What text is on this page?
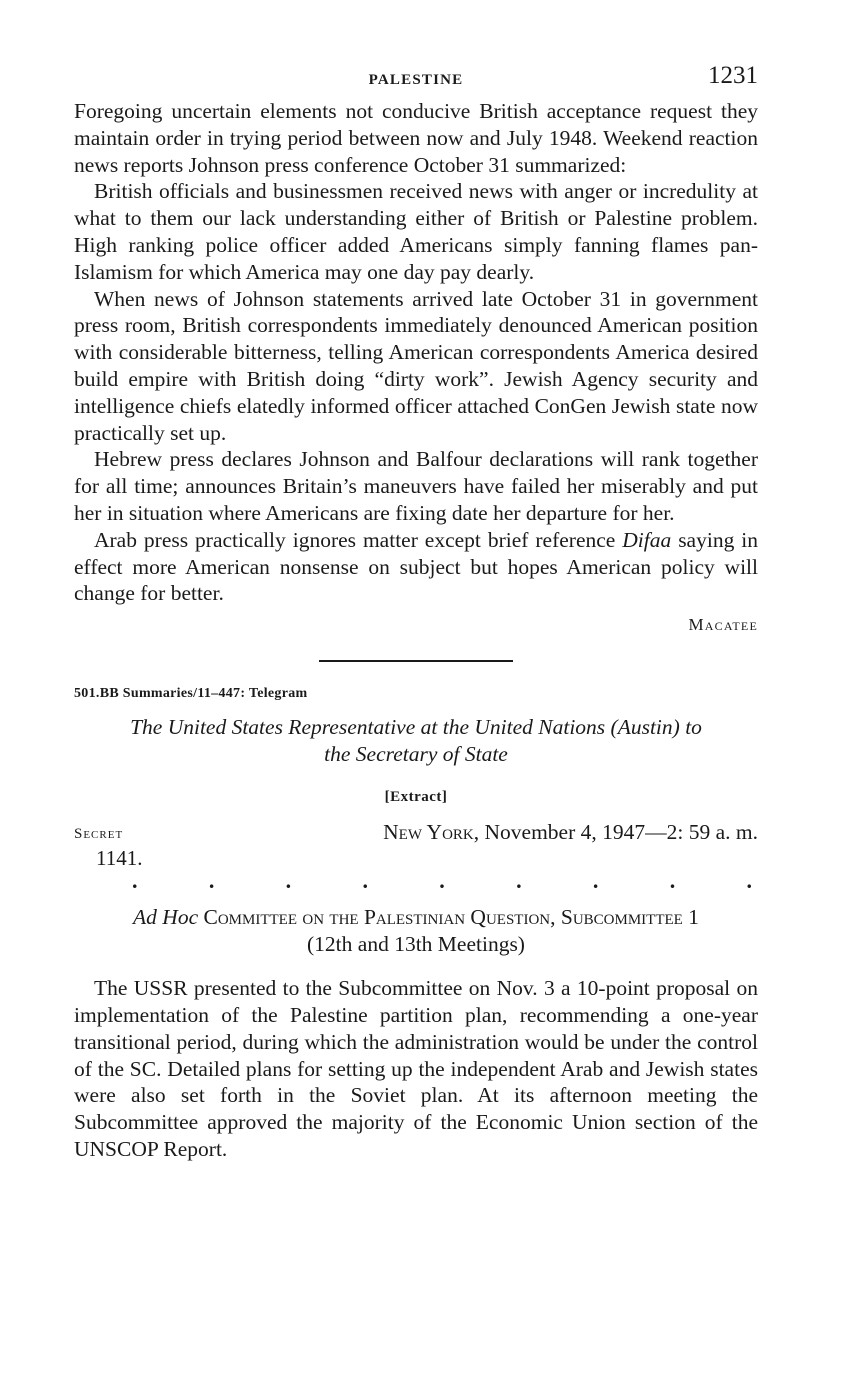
PALESTINE	1231

Foregoing uncertain elements not conducive British acceptance request they maintain order in trying period between now and July 1948. Weekend reaction news reports Johnson press conference October 31 summarized:

British officials and businessmen received news with anger or incredulity at what to them our lack understanding either of British or Palestine problem. High ranking police officer added Americans simply fanning flames pan-Islamism for which America may one day pay dearly.

When news of Johnson statements arrived late October 31 in government press room, British correspondents immediately denounced American position with considerable bitterness, telling American correspondents America desired build empire with British doing “dirty work”. Jewish Agency security and intelligence chiefs elatedly informed officer attached ConGen Jewish state now practically set up.

Hebrew press declares Johnson and Balfour declarations will rank together for all time; announces Britain’s maneuvers have failed her miserably and put her in situation where Americans are fixing date her departure for her.

Arab press practically ignores matter except brief reference Difaa saying in effect more American nonsense on subject but hopes American policy will change for better.

Macatee
501.BB Summaries/11–447: Telegram
The United States Representative at the United Nations (Austin) to
the Secretary of State
[Extract]
Secret
1141.
New York, November 4, 1947—2: 59 a. m.
.	.	.	.	.	.	.	.	.
Ad Hoc Committee on the Palestinian Question, Subcommittee 1
(12th and 13th Meetings)

The USSR presented to the Subcommittee on Nov. 3 a 10-point proposal on implementation of the Palestine partition plan, recommending a one-year transitional period, during which the administration would be under the control of the SC. Detailed plans for setting up the independent Arab and Jewish states were also set forth in the Soviet plan. At its afternoon meeting the Subcommittee approved the majority of the Economic Union section of the UNSCOP Report.
